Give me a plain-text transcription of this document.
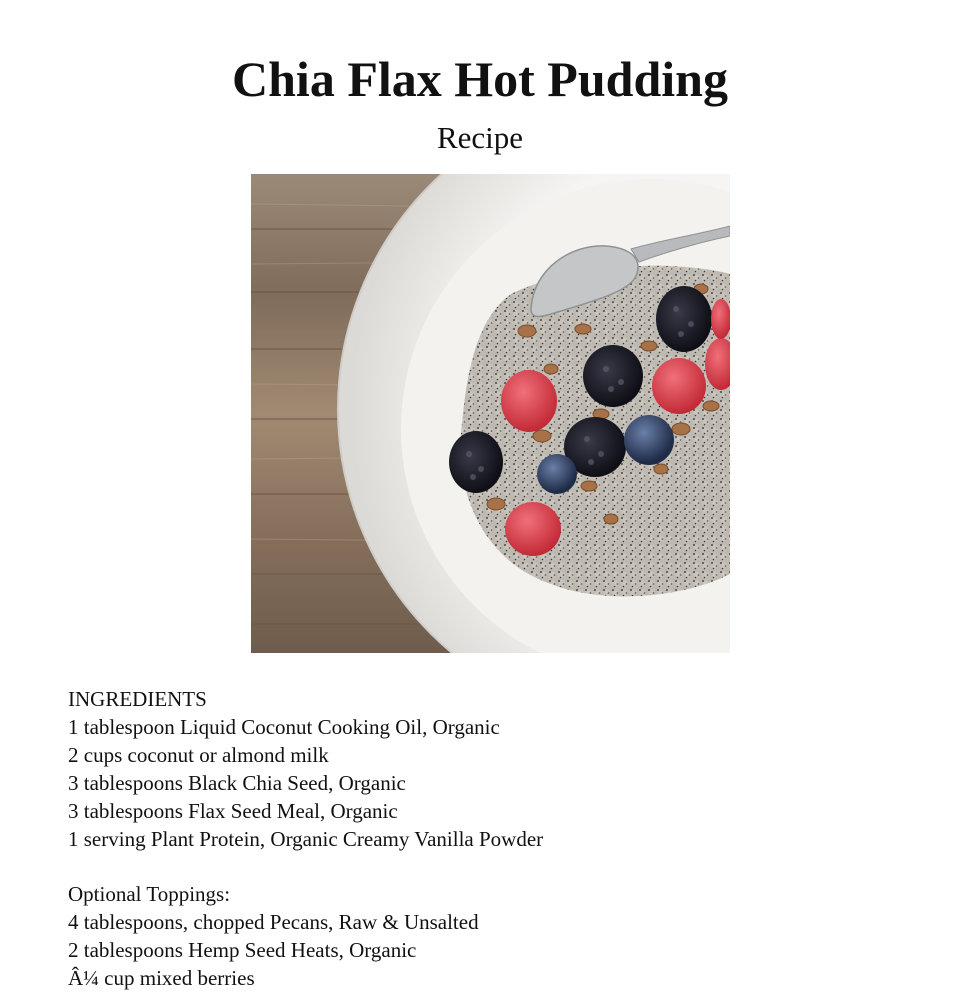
Chia Flax Hot Pudding
Recipe
INGREDIENTS
1 tablespoon Liquid Coconut Cooking Oil, Organic
2 cups coconut or almond milk
3 tablespoons Black Chia Seed, Organic
3 tablespoons Flax Seed Meal, Organic
1 serving Plant Protein, Organic Creamy Vanilla Powder
Optional Toppings:
4 tablespoons, chopped Pecans, Raw & Unsalted
2 tablespoons Hemp Seed Heats, Organic
Â¼ cup mixed berries
